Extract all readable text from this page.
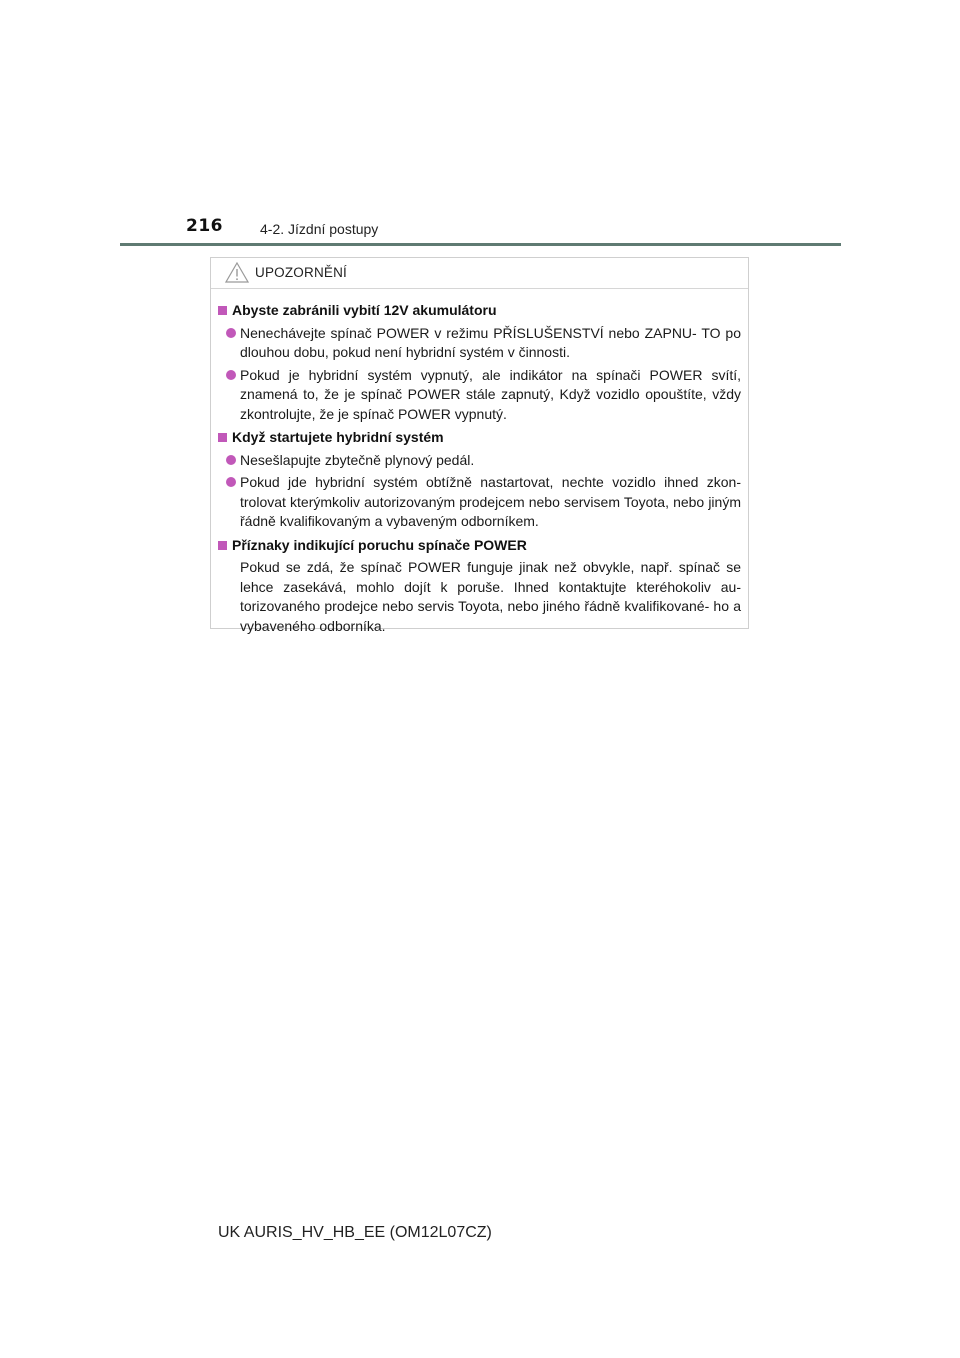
216	4-2. Jízdní postupy
UPOZORNĚNÍ
Abyste zabránili vybití 12V akumulátoru
Nenechávejte spínač POWER v režimu PŘÍSLUŠENSTVÍ nebo ZAPNU- TO po dlouhou dobu, pokud není hybridní systém v činnosti.
Pokud je hybridní systém vypnutý, ale indikátor na spínači POWER svítí, znamená to, že je spínač POWER stále zapnutý, Když vozidlo opouštíte, vždy zkontrolujte, že je spínač POWER vypnutý.
Když startujete hybridní systém
Nesešlapujte zbytečně plynový pedál.
Pokud jde hybridní systém obtížně nastartovat, nechte vozidlo ihned zkon- trolovat kterýmkoliv autorizovaným prodejcem nebo servisem Toyota, nebo jiným řádně kvalifikovaným a vybaveným odborníkem.
Příznaky indikující poruchu spínače POWER
Pokud se zdá, že spínač POWER funguje jinak než obvykle, např. spínač se lehce zasekává, mohlo dojít k poruše. Ihned kontaktujte kteréhokoliv au- torizovaného prodejce nebo servis Toyota, nebo jiného řádně kvalifikované- ho a vybaveného odborníka.
UK AURIS_HV_HB_EE (OM12L07CZ)
